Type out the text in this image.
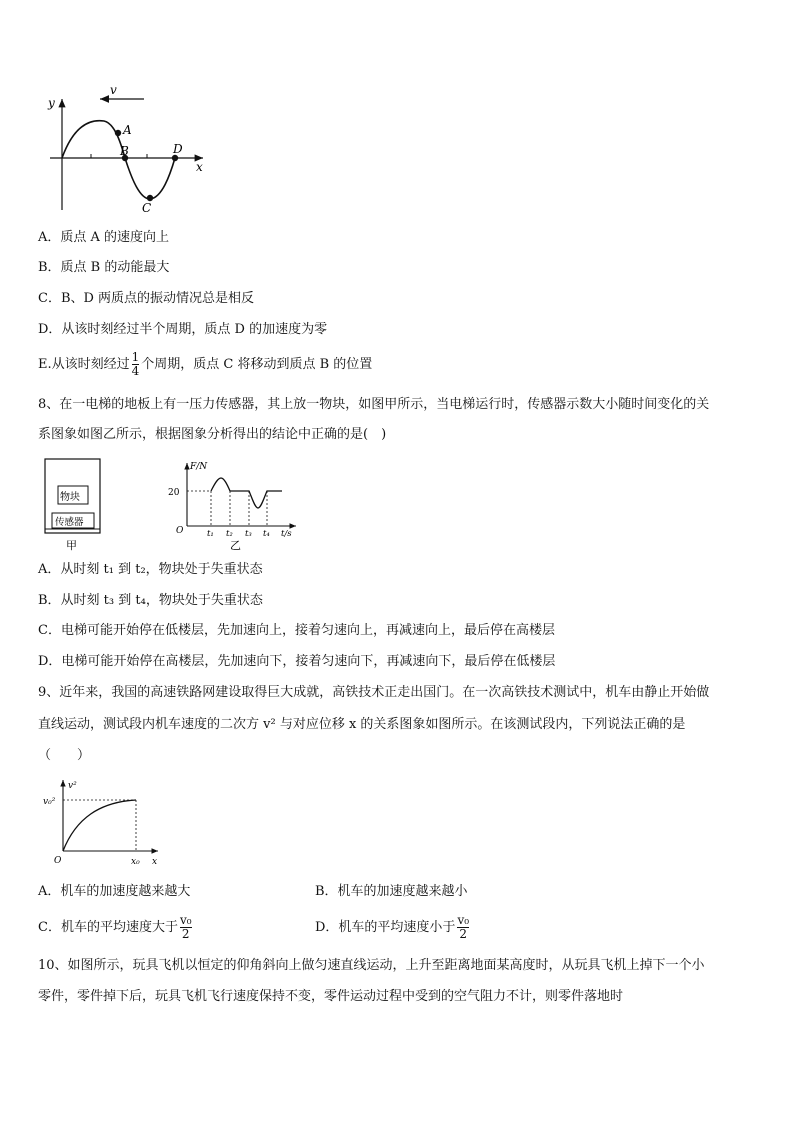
y
x
v
A
B
C
D
A．质点 A 的速度向上
B．质点 B 的动能最大
C．B、D 两质点的振动情况总是相反
D．从该时刻经过半个周期，质点 D 的加速度为零
E.从该时刻经过 $\frac{1}{4}$ 个周期，质点 C 将移动到质点 B 的位置
8、在一电梯的地板上有一压力传感器，其上放一物块，如图甲所示，当电梯运行时，传感器示数大小随时间变化的关
系图象如图乙所示，根据图象分析得出的结论中正确的是(　)
物块
传感器
甲
F/N
20
O	t₁ t₂ t₃ t₄ t/s
乙
A．从时刻 t₁ 到 t₂，物块处于失重状态
B．从时刻 t₃ 到 t₄，物块处于失重状态
C．电梯可能开始停在低楼层，先加速向上，接着匀速向上，再减速向上，最后停在高楼层
D．电梯可能开始停在高楼层，先加速向下，接着匀速向下，再减速向下，最后停在低楼层
9、近年来，我国的高速铁路网建设取得巨大成就，高铁技术正走出国门。在一次高铁技术测试中，机车由静止开始做
直线运动，测试段内机车速度的二次方 v² 与对应位移 x 的关系图象如图所示。在该测试段内，下列说法正确的是
（　　）
v²
v₀²
O	x₀ x
A．机车的加速度越来越大	B．机车的加速度越来越小
C．机车的平均速度大于 $\frac{\text{v₀}}{2}$	D．机车的平均速度小于 $\frac{\text{v₀}}{2}$
10、如图所示，玩具飞机以恒定的仰角斜向上做匀速直线运动，上升至距离地面某高度时，从玩具飞机上掉下一个小
零件，零件掉下后，玩具飞机飞行速度保持不变，零件运动过程中受到的空气阻力不计，则零件落地时
